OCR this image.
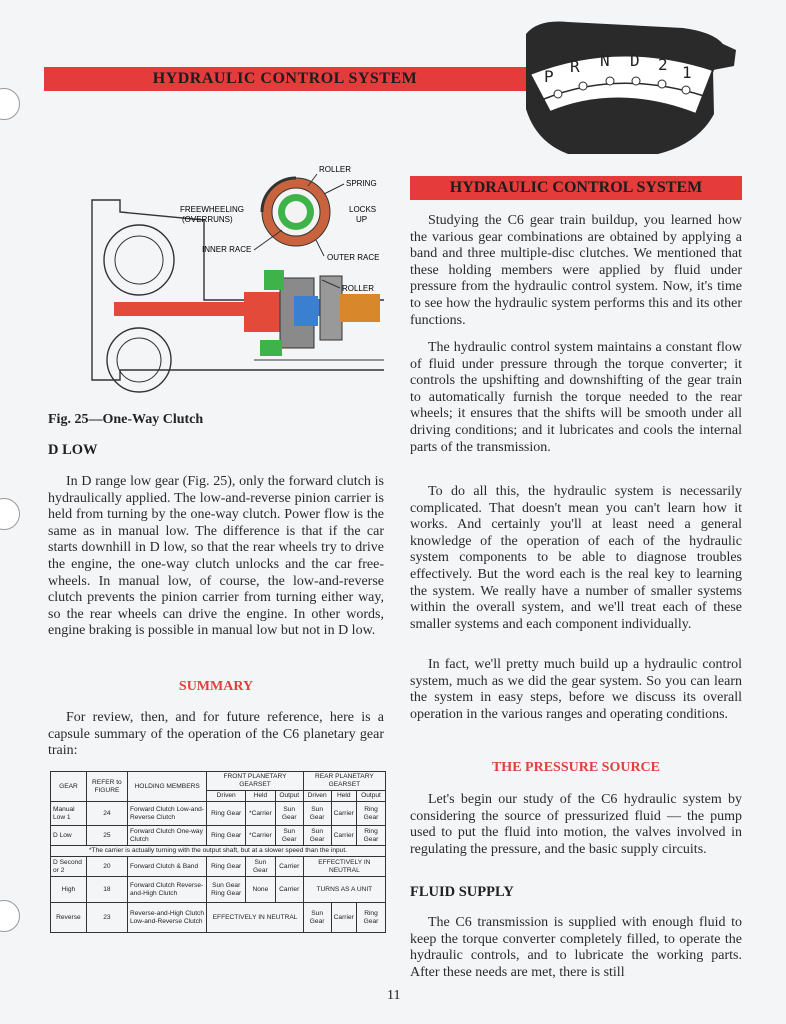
HYDRAULIC CONTROL SYSTEM	P
R N D 2 1
ROLLER
SPRING
FREEWHEELING
(OVERRUNS)
LOCKS
UP
INNER RACE
OUTER RACE
ROLLER
Fig. 25—One-Way Clutch
D LOW

In D range low gear (Fig. 25), only the forward clutch is hydraulically applied. The low-and-reverse pinion carrier is held from turning by the one-way clutch. Power flow is the same as in manual low. The difference is that if the car starts downhill in D low, so that the rear wheels try to drive the engine, the one-way clutch unlocks and the car free-wheels. In manual low, of course, the low-and-reverse clutch prevents the pinion carrier from turning either way, so the rear wheels can drive the engine. In other words, engine braking is possible in manual low but not in D low.

SUMMARY

For review, then, and for future reference, here is a capsule summary of the operation of the C6 planetary gear train:

GEAR	REFER to FIGURE	HOLDING MEMBERS	FRONT PLANETARY GEARSET			REAR PLANETARY GEARSET		
			Driven	Held	Output	Driven	Held	Output
Manual Low 1	24	Forward Clutch Low-and-Reverse Clutch	Ring Gear	*Carrier	Sun Gear	Sun Gear	Carrier	Ring Gear
D Low	25	Forward Clutch One-way Clutch	Ring Gear	*Carrier	Sun Gear	Sun Gear	Carrier	Ring Gear
*The carrier is actually turning with the output shaft, but at a slower speed than the input.								
D Second or 2	20	Forward Clutch & Band	Ring Gear	Sun Gear	Carrier	EFFECTIVELY IN NEUTRAL		
High	18	Forward Clutch Reverse-and-High Clutch	Sun Gear Ring Gear	None	Carrier	TURNS AS A UNIT		
Reverse	23	Reverse-and-High Clutch Low-and-Reverse Clutch	EFFECTIVELY IN NEUTRAL			Sun Gear	Carrier	Ring Gear
HYDRAULIC CONTROL SYSTEM

Studying the C6 gear train buildup, you learned how the various gear combinations are obtained by applying a band and three multiple-disc clutches. We mentioned that these holding members were applied by fluid under pressure from the hydraulic control system. Now, it's time to see how the hydraulic system performs this and its other functions.

The hydraulic control system maintains a constant flow of fluid under pressure through the torque converter; it controls the upshifting and downshifting of the gear train to automatically furnish the torque needed to the rear wheels; it ensures that the shifts will be smooth under all driving conditions; and it lubricates and cools the internal parts of the transmission.

To do all this, the hydraulic system is necessarily complicated. That doesn't mean you can't learn how it works. And certainly you'll at least need a general knowledge of the operation of each of the hydraulic system components to be able to diagnose troubles effectively. But the word each is the real key to learning the system. We really have a number of smaller systems within the overall system, and we'll treat each of these smaller systems and each component individually.

In fact, we'll pretty much build up a hydraulic control system, much as we did the gear system. So you can learn the system in easy steps, before we discuss its overall operation in the various ranges and operating conditions.

THE PRESSURE SOURCE

Let's begin our study of the C6 hydraulic system by considering the source of pressurized fluid — the pump used to put the fluid into motion, the valves involved in regulating the pressure, and the basic supply circuits.

FLUID SUPPLY

The C6 transmission is supplied with enough fluid to keep the torque converter completely filled, to operate the hydraulic controls, and to lubricate the working parts. After these needs are met, there is still

11
